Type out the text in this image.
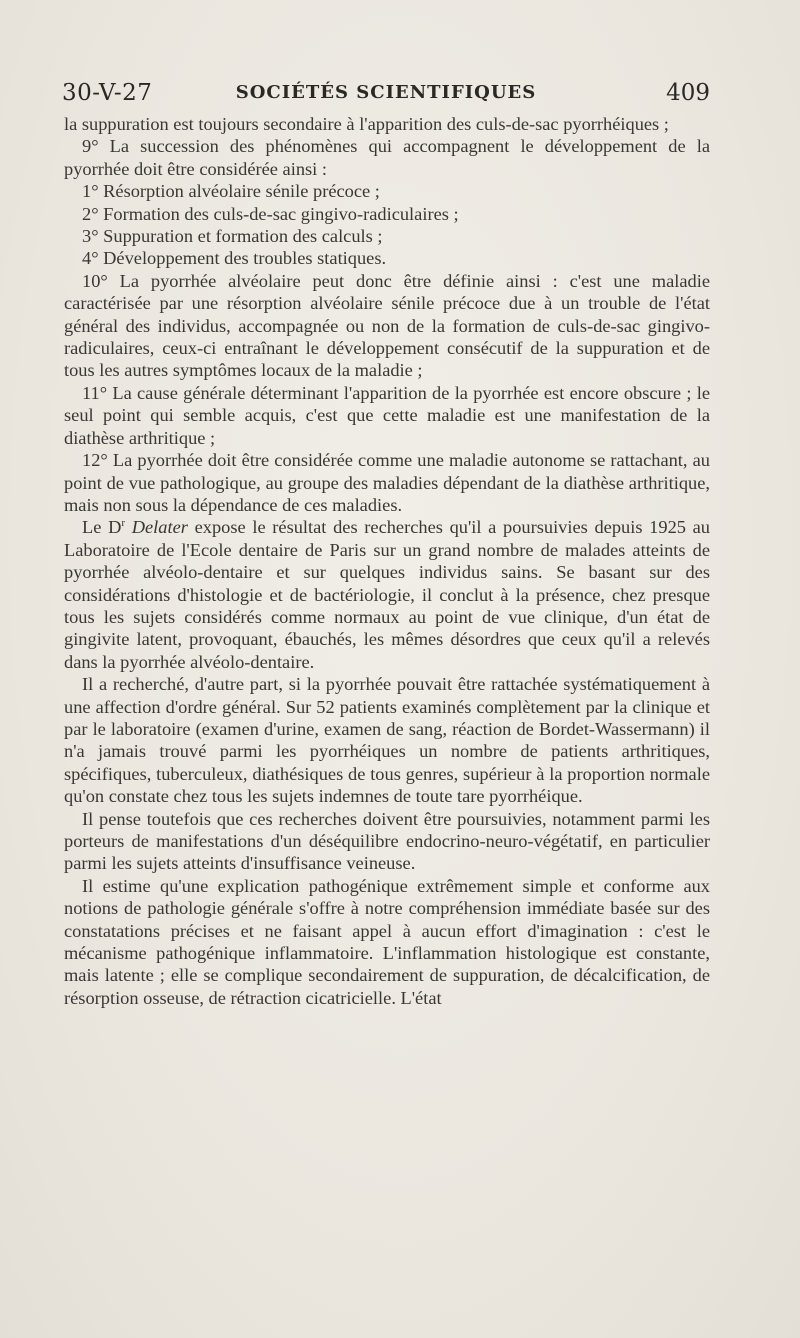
30-V-27	SOCIÉTÉS SCIENTIFIQUES	409

la suppuration est toujours secondaire à l'apparition des culs-de-sac pyorrhéiques ;

9° La succession des phénomènes qui accompagnent le développement de la pyorrhée doit être considérée ainsi :

1° Résorption alvéolaire sénile précoce ;

2° Formation des culs-de-sac gingivo-radiculaires ;

3° Suppuration et formation des calculs ;

4° Développement des troubles statiques.

10° La pyorrhée alvéolaire peut donc être définie ainsi : c'est une maladie caractérisée par une résorption alvéolaire sénile précoce due à un trouble de l'état général des individus, accompagnée ou non de la formation de culs-de-sac gingivo-radiculaires, ceux-ci entraînant le développement consécutif de la suppuration et de tous les autres symptômes locaux de la maladie ;

11° La cause générale déterminant l'apparition de la pyorrhée est encore obscure ; le seul point qui semble acquis, c'est que cette maladie est une manifestation de la diathèse arthritique ;

12° La pyorrhée doit être considérée comme une maladie autonome se rattachant, au point de vue pathologique, au groupe des maladies dépendant de la diathèse arthritique, mais non sous la dépendance de ces maladies.

Le $D^r$ Delater expose le résultat des recherches qu'il a poursuivies depuis 1925 au Laboratoire de l'Ecole dentaire de Paris sur un grand nombre de malades atteints de pyorrhée alvéolo-dentaire et sur quelques individus sains. Se basant sur des considérations d'histologie et de bactériologie, il conclut à la présence, chez presque tous les sujets considérés comme normaux au point de vue clinique, d'un état de gingivite latent, provoquant, ébauchés, les mêmes désordres que ceux qu'il a relevés dans la pyorrhée alvéolo-dentaire.

Il a recherché, d'autre part, si la pyorrhée pouvait être rattachée systématiquement à une affection d'ordre général. Sur 52 patients examinés complètement par la clinique et par le laboratoire (examen d'urine, examen de sang, réaction de Bordet-Wassermann) il n'a jamais trouvé parmi les pyorrhéiques un nombre de patients arthritiques, spécifiques, tuberculeux, diathésiques de tous genres, supérieur à la proportion normale qu'on constate chez tous les sujets indemnes de toute tare pyorrhéique.

Il pense toutefois que ces recherches doivent être poursuivies, notamment parmi les porteurs de manifestations d'un déséquilibre endocrino-neuro-végétatif, en particulier parmi les sujets atteints d'insuffisance veineuse.

Il estime qu'une explication pathogénique extrêmement simple et conforme aux notions de pathologie générale s'offre à notre compréhension immédiate basée sur des constatations précises et ne faisant appel à aucun effort d'imagination : c'est le mécanisme pathogénique inflammatoire. L'inflammation histologique est constante, mais latente ; elle se complique secondairement de suppuration, de décalcification, de résorption osseuse, de rétraction cicatricielle. L'état
